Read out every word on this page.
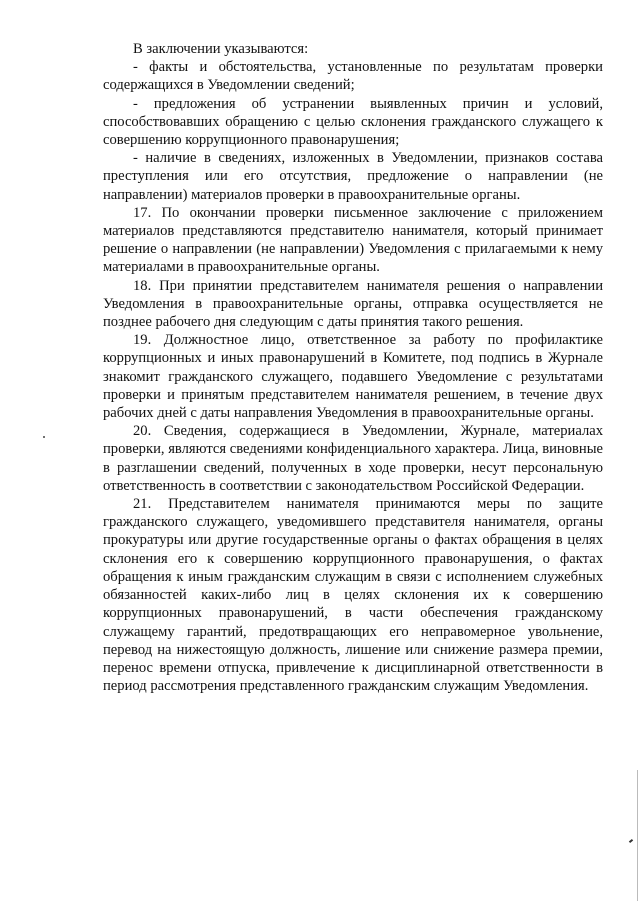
В заключении указываются:

- факты и обстоятельства, установленные по результатам проверки содержащихся в Уведомлении сведений;

- предложения об устранении выявленных причин и условий, способствовавших обращению с целью склонения гражданского служащего к совершению коррупционного правонарушения;

- наличие в сведениях, изложенных в Уведомлении, признаков состава преступления или его отсутствия, предложение о направлении (не направлении) материалов проверки в правоохранительные органы.

17. По окончании проверки письменное заключение с приложением материалов представляются представителю нанимателя, который принимает решение о направлении (не направлении) Уведомления с прилагаемыми к нему материалами в правоохранительные органы.

18. При принятии представителем нанимателя решения о направлении Уведомления в правоохранительные органы, отправка осуществляется не позднее рабочего дня следующим с даты принятия такого решения.

19. Должностное лицо, ответственное за работу по профилактике коррупционных и иных правонарушений в Комитете, под подпись в Журнале знакомит гражданского служащего, подавшего Уведомление с результатами проверки и принятым представителем нанимателя решением, в течение двух рабочих дней с даты направления Уведомления в правоохранительные органы.

20. Сведения, содержащиеся в Уведомлении, Журнале, материалах проверки, являются сведениями конфиденциального характера. Лица, виновные в разглашении сведений, полученных в ходе проверки, несут персональную ответственность в соответствии с законодательством Российской Федерации.

21. Представителем нанимателя принимаются меры по защите гражданского служащего, уведомившего представителя нанимателя, органы прокуратуры или другие государственные органы о фактах обращения в целях склонения его к совершению коррупционного правонарушения, о фактах обращения к иным гражданским служащим в связи с исполнением служебных обязанностей каких-либо лиц в целях склонения их к совершению коррупционных правонарушений, в части обеспечения гражданскому служащему гарантий, предотвращающих его неправомерное увольнение, перевод на нижестоящую должность, лишение или снижение размера премии, перенос времени отпуска, привлечение к дисциплинарной ответственности в период рассмотрения представленного гражданским служащим Уведомления.
